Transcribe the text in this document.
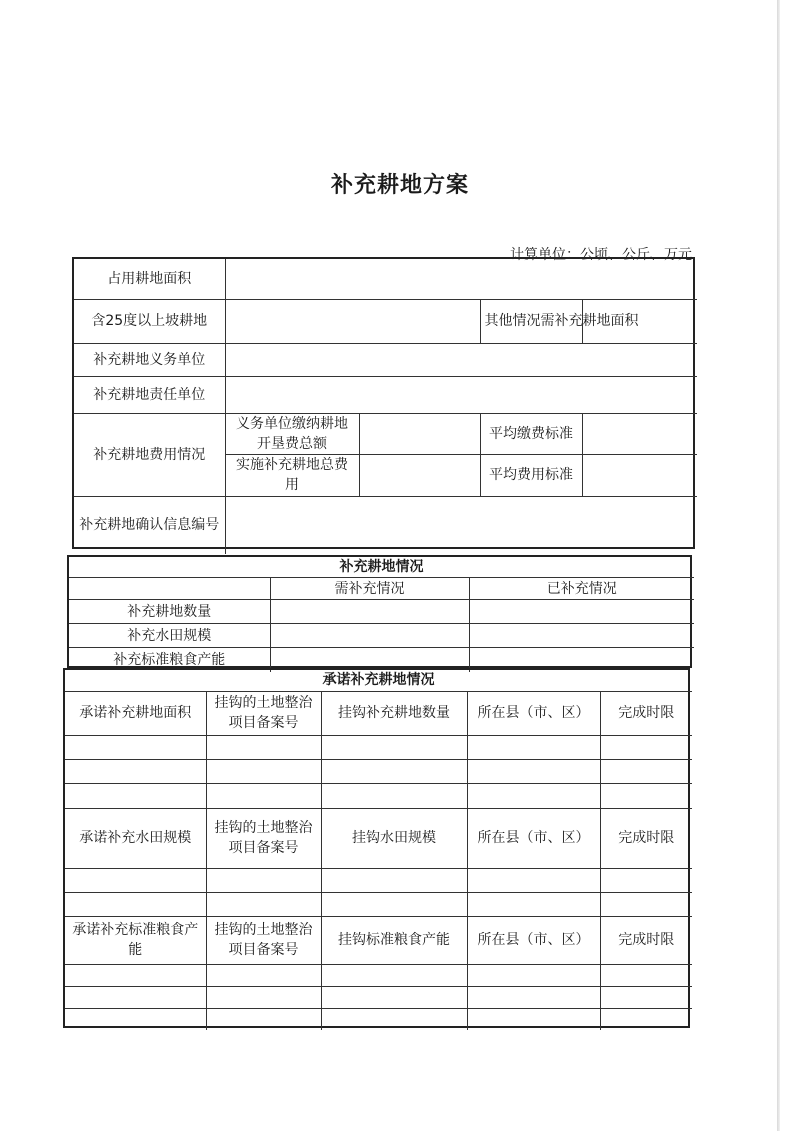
补充耕地方案
计算单位：公顷、公斤、万元
占用耕地面积				
含25度以上坡耕地			其他情况需补充耕地面积	
补充耕地义务单位				
补充耕地责任单位				
补充耕地费用情况	义务单位缴纳耕地开垦费总额		平均缴费标准	
	实施补充耕地总费用		平均费用标准	
补充耕地确认信息编号				
补充耕地情况		
	需补充情况	已补充情况
补充耕地数量		
补充水田规模		
补充标准粮食产能		
承诺补充耕地情况				
承诺补充耕地面积	挂钩的土地整治项目备案号	挂钩补充耕地数量	所在县（市、区）	完成时限

承诺补充水田规模	挂钩的土地整治项目备案号	挂钩水田规模	所在县（市、区）	完成时限

承诺补充标准粮食产能	挂钩的土地整治项目备案号	挂钩标准粮食产能	所在县（市、区）	完成时限
